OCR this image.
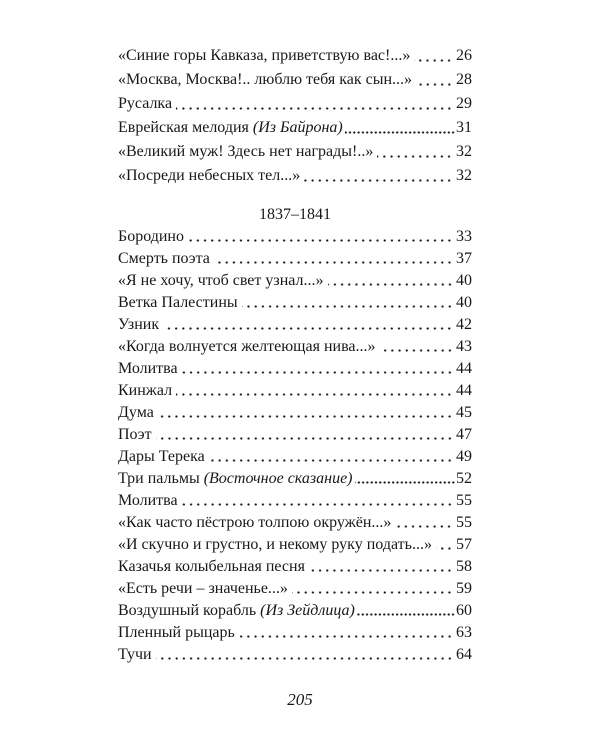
«Синие горы Кавказа, приветствую вас!...»	26
«Москва, Москва!.. люблю тебя как сын...»	28
Русалка	29
Еврейская мелодия (Из Байрона)	31
«Великий муж! Здесь нет награды!..»	32
«Посреди небесных тел...»	32
1837–1841
Бородино	33
Смерть поэта	37
«Я не хочу, чтоб свет узнал...»	40
Ветка Палестины	40
Узник	42
«Когда волнуется желтеющая нива...»	43
Молитва	44
Кинжал	44
Дума	45
Поэт	47
Дары Терека	49
Три пальмы (Восточное сказание)	52
Молитва	55
«Как часто пёстрою толпою окружён...»	55
«И скучно и грустно, и некому руку подать...» 57
Казачья колыбельная песня	58
«Есть речи – значенье...»	59
Воздушный корабль (Из Зейдлица)	60
Пленный рыцарь	63
Тучи	64
205
